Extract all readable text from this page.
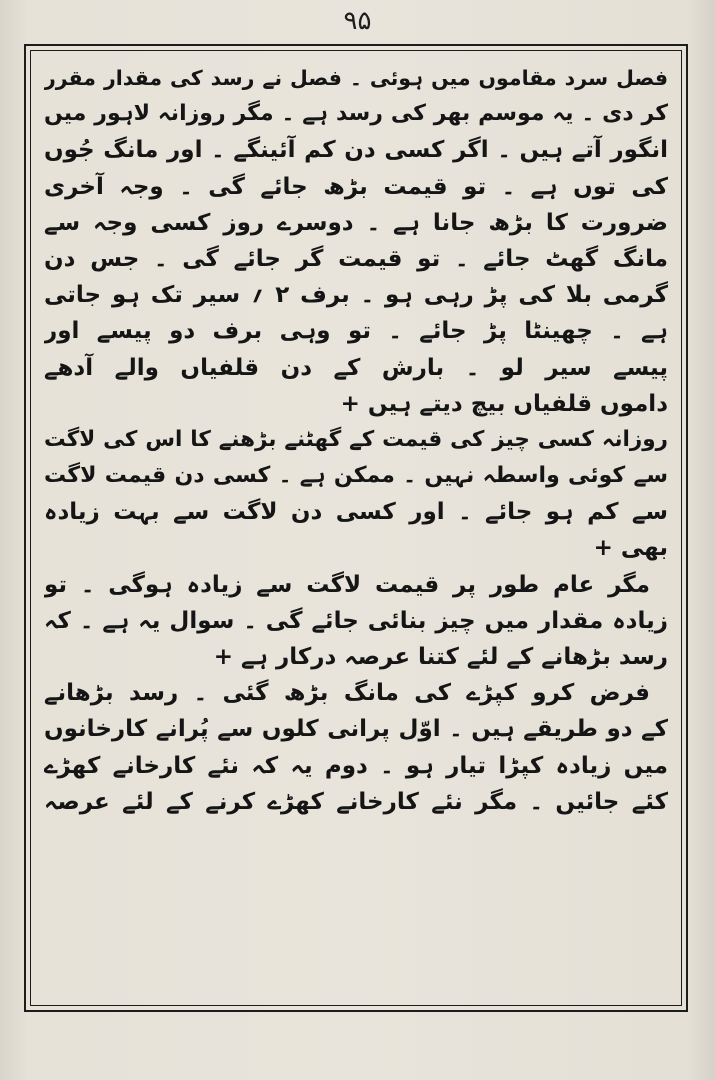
۹۵
فصل سرد مقاموں میں ہوئی ۔ فصل نے رسد کی مقدار مقرر
کر دی ۔ یہ موسم بھر کی رسد ہے ۔ مگر روزانہ لاہور میں
انگور آتے ہیں ۔ اگر کسی دن کم آئینگے ۔ اور مانگ جُوں
کی توں ہے ۔ تو قیمت بڑھ جائے گی ۔ وجہ آخری
ضرورت کا بڑھ جانا ہے ۔ دوسرے روز کسی وجہ سے
مانگ گھٹ جائے ۔ تو قیمت گر جائے گی ۔ جس دن
گرمی بلا کی پڑ رہی ہو ۔ برف ۲ ؍ سیر تک ہو جاتی
ہے ۔ چھینٹا پڑ جائے ۔ تو وہی برف دو پیسے اور
پیسے سیر لو ۔ بارش کے دن قلفیاں والے آدھے
داموں قلفیاں بیچ دیتے ہیں +
روزانہ کسی چیز کی قیمت کے گھٹنے بڑھنے کا اس کی لاگت
سے کوئی واسطہ نہیں ۔ ممکن ہے ۔ کسی دن قیمت لاگت
سے کم ہو جائے ۔ اور کسی دن لاگت سے بہت زیادہ
بھی +
مگر عام طور پر قیمت لاگت سے زیادہ ہوگی ۔ تو
زیادہ مقدار میں چیز بنائی جائے گی ۔ سوال یہ ہے ۔ کہ
رسد بڑھانے کے لئے کتنا عرصہ درکار ہے +
فرض کرو کپڑے کی مانگ بڑھ گئی ۔ رسد بڑھانے
کے دو طریقے ہیں ۔ اوّل پرانی کلوں سے پُرانے کارخانوں
میں زیادہ کپڑا تیار ہو ۔ دوم یہ کہ نئے کارخانے کھڑے
کئے جائیں ۔ مگر نئے کارخانے کھڑے کرنے کے لئے عرصہ
